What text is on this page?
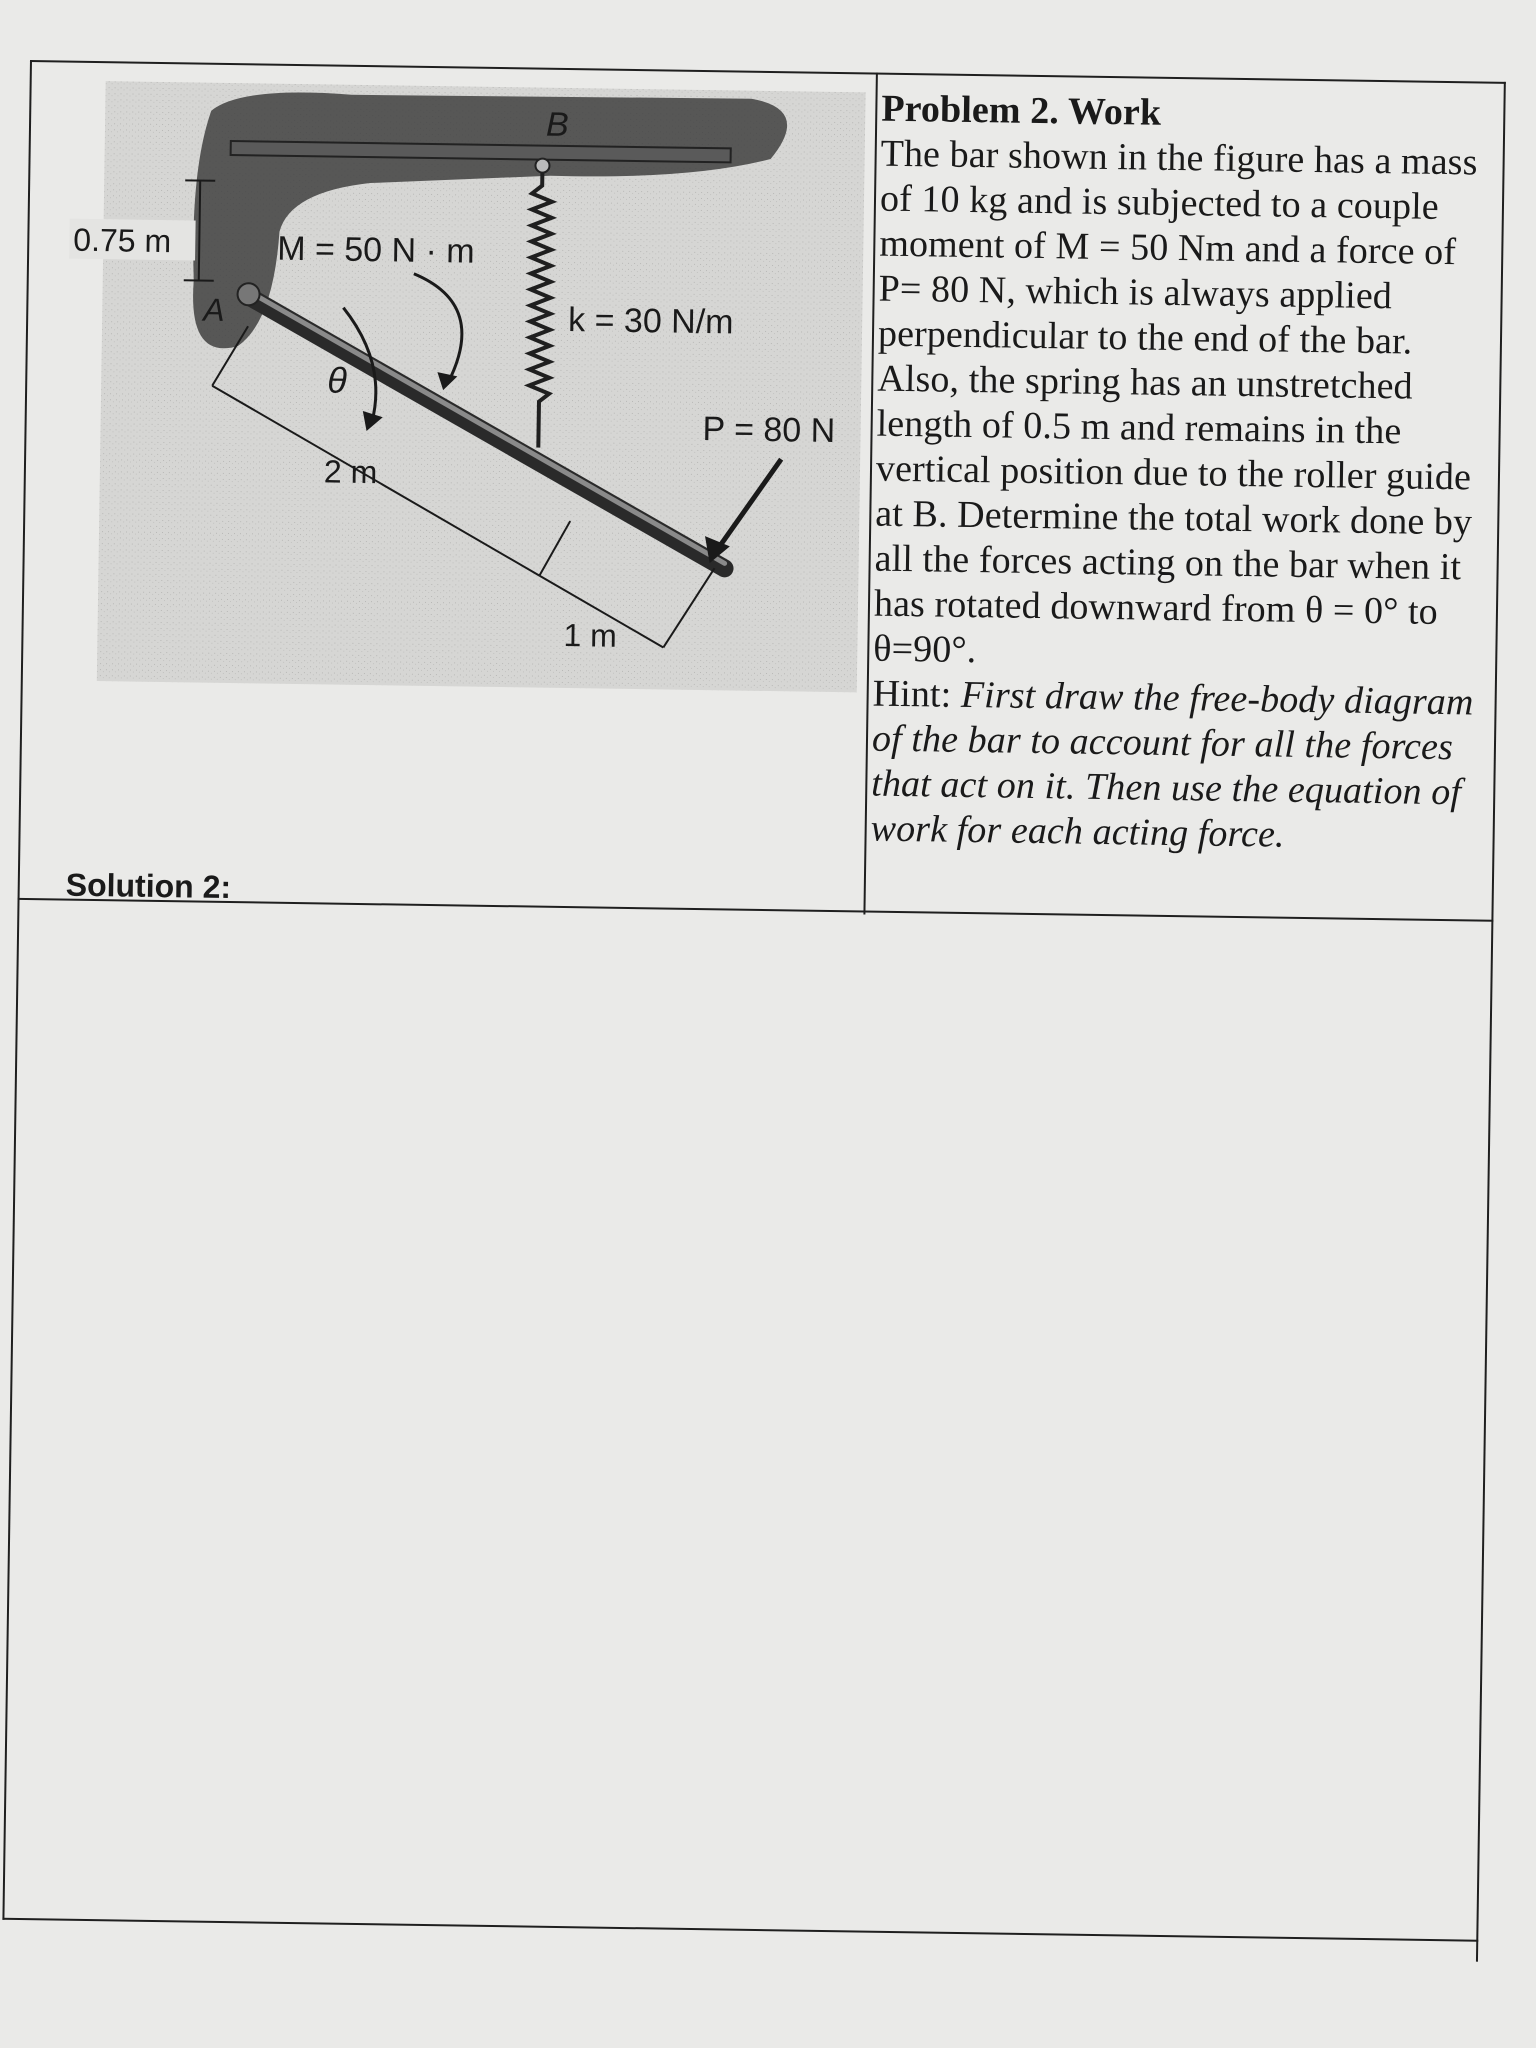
0.75 m
B
A
M = 50 N · m
θ
k = 30 N/m
P = 80 N
2 m
1 m
Problem 2. Work
The bar shown in the figure has a mass of 10 kg and is subjected to a couple moment of M = 50 Nm and a force of P= 80 N, which is always applied perpendicular to the end of the bar. Also, the spring has an unstretched length of 0.5 m and remains in the vertical position due to the roller guide at B. Determine the total work done by all the forces acting on the bar when it has rotated downward from θ = 0° to θ=90°.
Hint: First draw the free-body diagram of the bar to account for all the forces that act on it. Then use the equation of work for each acting force.
Solution 2:
